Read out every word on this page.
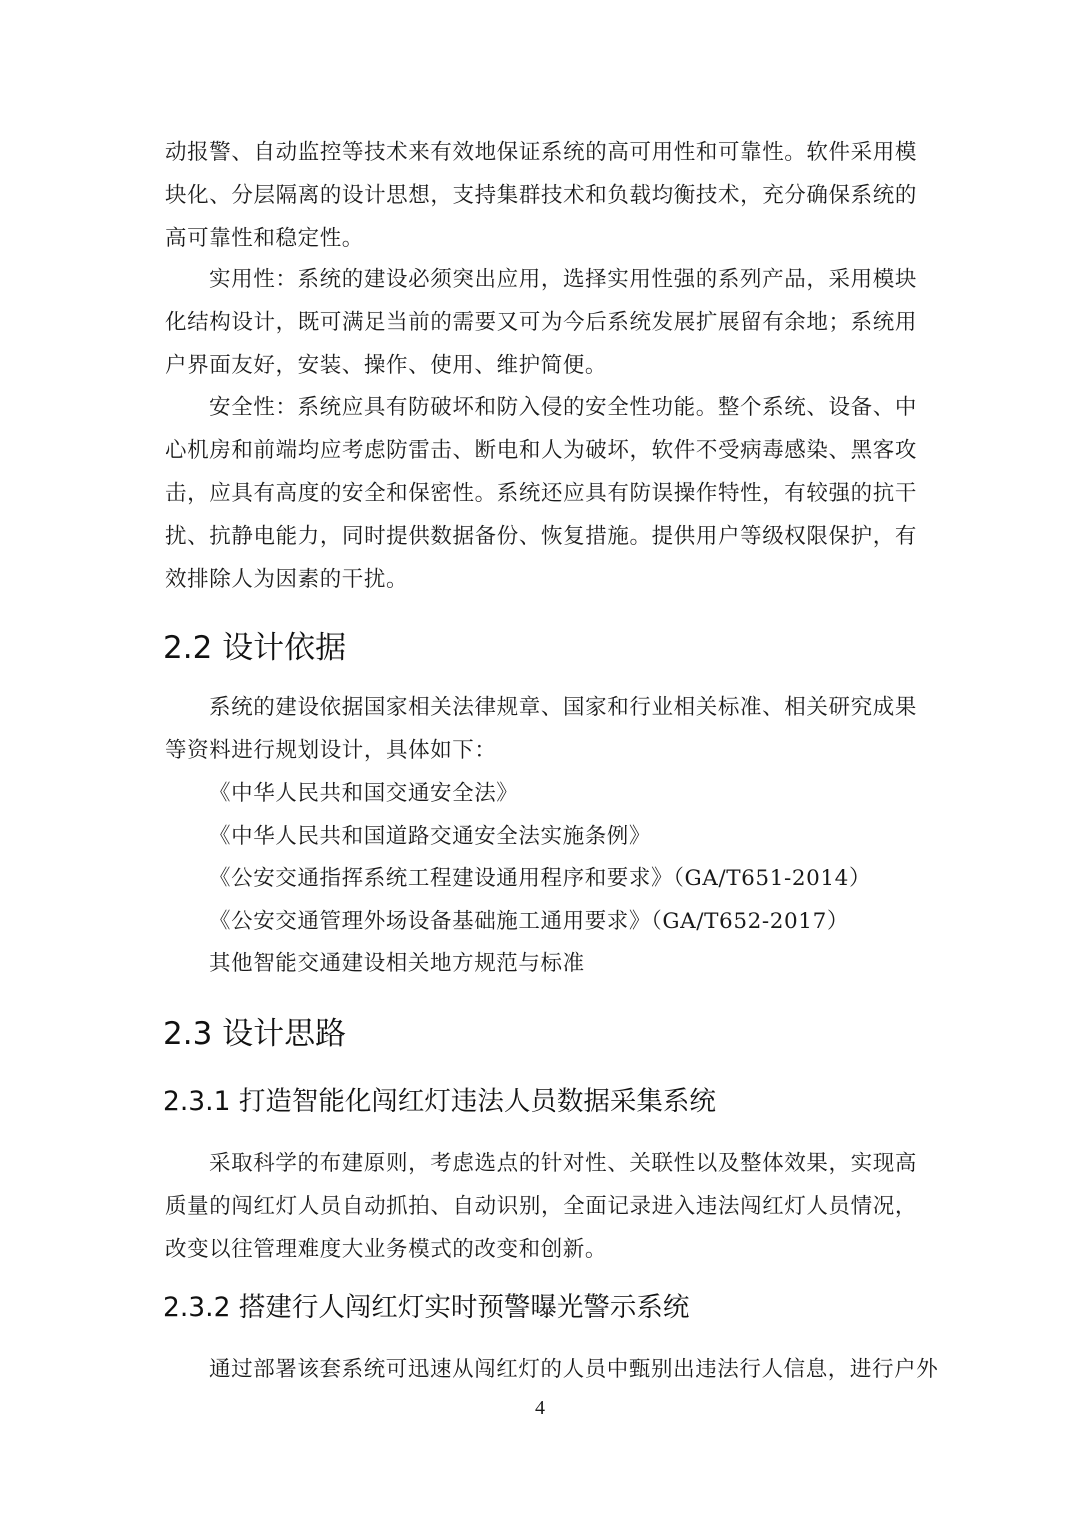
动报警、自动监控等技术来有效地保证系统的高可用性和可靠性。软件采用模块化、分层隔离的设计思想，支持集群技术和负载均衡技术，充分确保系统的高可靠性和稳定性。

实用性：系统的建设必须突出应用，选择实用性强的系列产品，采用模块化结构设计，既可满足当前的需要又可为今后系统发展扩展留有余地；系统用户界面友好，安装、操作、使用、维护简便。

安全性：系统应具有防破坏和防入侵的安全性功能。整个系统、设备、中心机房和前端均应考虑防雷击、断电和人为破坏，软件不受病毒感染、黑客攻击，应具有高度的安全和保密性。系统还应具有防误操作特性，有较强的抗干扰、抗静电能力，同时提供数据备份、恢复措施。提供用户等级权限保护，有效排除人为因素的干扰。

2.2 设计依据

系统的建设依据国家相关法律规章、国家和行业相关标准、相关研究成果等资料进行规划设计，具体如下：

《中华人民共和国交通安全法》

《中华人民共和国道路交通安全法实施条例》

《公安交通指挥系统工程建设通用程序和要求》（GA/T651-2014）

《公安交通管理外场设备基础施工通用要求》（GA/T652-2017）

其他智能交通建设相关地方规范与标准

2.3 设计思路
2.3.1 打造智能化闯红灯违法人员数据采集系统

采取科学的布建原则，考虑选点的针对性、关联性以及整体效果，实现高质量的闯红灯人员自动抓拍、自动识别，全面记录进入违法闯红灯人员情况，改变以往管理难度大业务模式的改变和创新。

2.3.2 搭建行人闯红灯实时预警曝光警示系统

通过部署该套系统可迅速从闯红灯的人员中甄别出违法行人信息，进行户外

4
